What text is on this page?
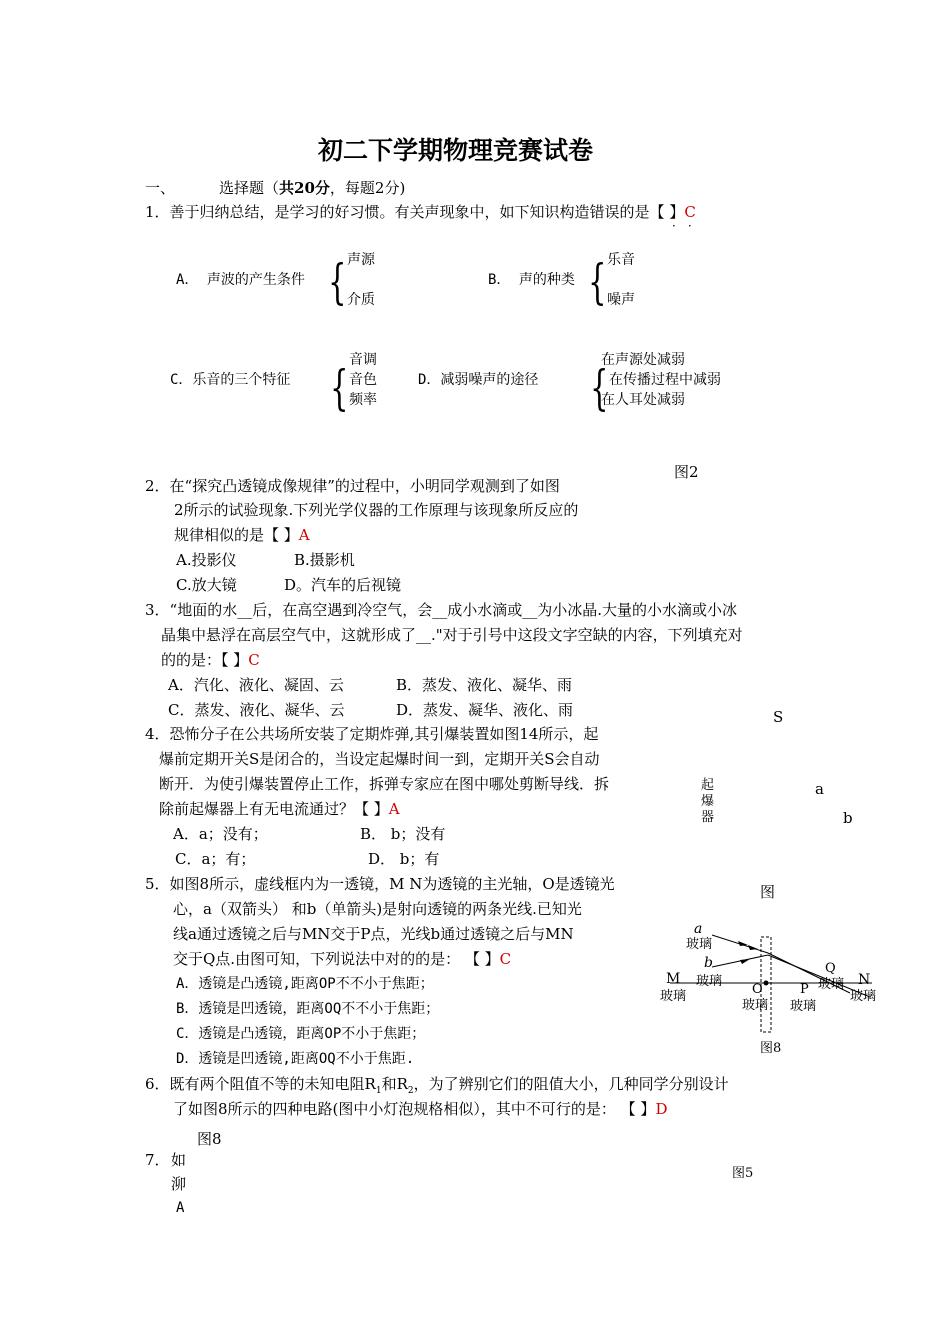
初二下学期物理竞赛试卷
一、	选择题（共20分，每题2分)
1．善于归纳总结，是学习的好习惯。有关声现象中，如下知识构造错误的是【 】C
··
A． 声波的产生条件 { 声源
介质
B． 声的种类 { 乐音
噪声
C．乐音的三个特征 { 音调
音色
频率
D．减弱噪声的途径 {
在声源处减弱
在传播过程中减弱
在人耳处减弱
图2
2．在“探究凸透镜成像规律”的过程中，小明同学观测到了如图
2所示的试验现象.下列光学仪器的工作原理与该现象所反应的
规律相似的是【 】A
A.投影仪	B.摄影机
C.放大镜	D。汽车的后视镜
3．“地面的水__后，在高空遇到冷空气，会__成小水滴或__为小冰晶.大量的小水滴或小冰
晶集中悬浮在高层空气中，这就形成了__."对于引号中这段文字空缺的内容，下列填充对
的的是：【 】C
A．汽化、液化、凝固、云	B．蒸发、液化、凝华、雨
C．蒸发、液化、凝华、云	D．蒸发、凝华、液化、雨	S
起
爆
器
a
b
图
4．恐怖分子在公共场所安装了定期炸弹,其引爆装置如图14所示，起
爆前定期开关S是闭合的，当设定起爆时间一到，定期开关S会自动
断开．为使引爆装置停止工作，拆弹专家应在图中哪处剪断导线．拆
除前起爆器上有无电流通过？【 】A
A．a；没有；	B． b；没有
C．a；有；	D． b；有
5．如图8所示，虚线框内为一透镜，M N为透镜的主光轴，O是透镜光
心，a（双箭头） 和b（单箭头)是射向透镜的两条光线.已知光
线a通过透镜之后与MN交于P点，光线b通过透镜之后与MN
交于Q点.由图可知，下列说法中对的的是： 【 】C
A．透镜是凸透镜,距离OP不不小于焦距；
B．透镜是凹透镜，距离OQ不不小于焦距；
C．透镜是凸透镜，距离OP不小于焦距；
D．透镜是凹透镜,距离OQ不小于焦距.
a
玻璃
b
玻璃
M
玻璃	O
玻璃
P
玻璃
Q
玻璃 N
玻璃
图8
6．既有两个阻值不等的未知电阻$R_1$和$R_2$，为了辨别它们的阻值大小，几种同学分别设计
了如图8所示的四种电路(图中小灯泡规格相似），其中不可行的是： 【 】D
图8
7． 如
泖
A
图5
